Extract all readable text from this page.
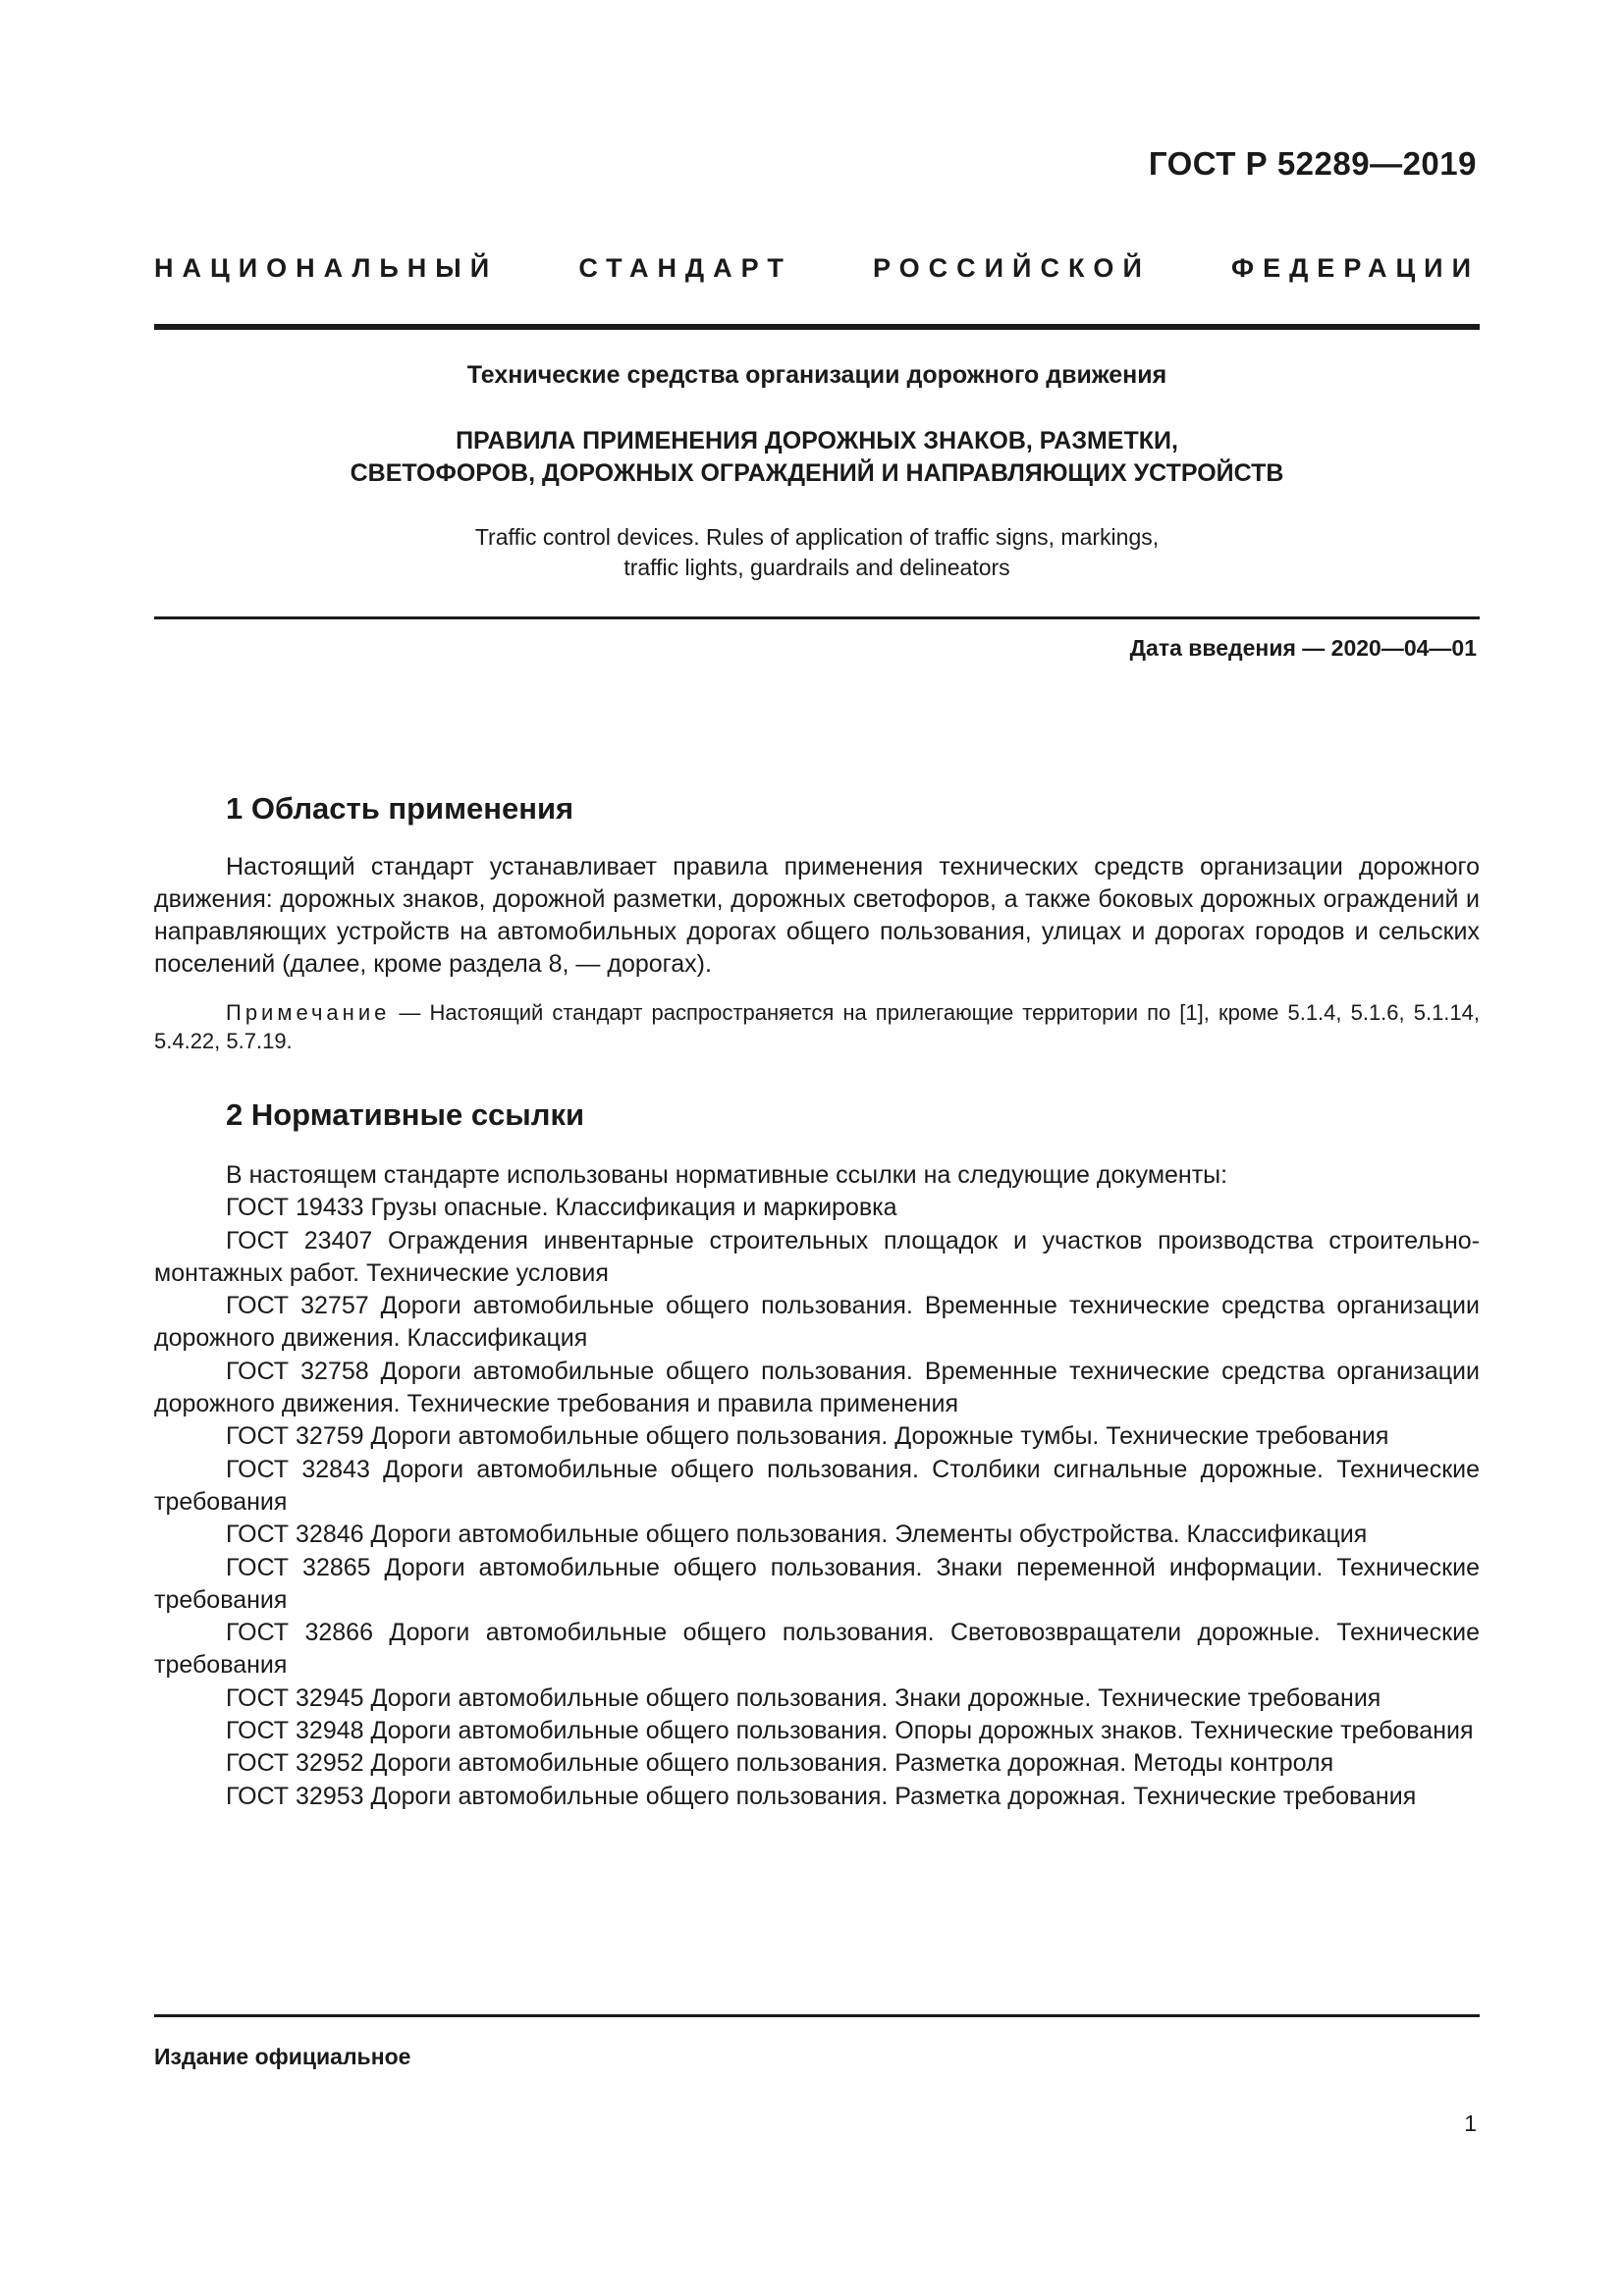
ГОСТ Р 52289—2019
НАЦИОНАЛЬНЫЙ СТАНДАРТ РОССИЙСКОЙ ФЕДЕРАЦИИ
Технические средства организации дорожного движения
ПРАВИЛА ПРИМЕНЕНИЯ ДОРОЖНЫХ ЗНАКОВ, РАЗМЕТКИ,
СВЕТОФОРОВ, ДОРОЖНЫХ ОГРАЖДЕНИЙ И НАПРАВЛЯЮЩИХ УСТРОЙСТВ
Traffic control devices. Rules of application of traffic signs, markings,
traffic lights, guardrails and delineators
Дата введения — 2020—04—01
1 Область применения
Настоящий стандарт устанавливает правила применения технических средств организации дорожного движения: дорожных знаков, дорожной разметки, дорожных светофоров, а также боковых дорожных ограждений и направляющих устройств на автомобильных дорогах общего пользования, улицах и дорогах городов и сельских поселений (далее, кроме раздела 8, — дорогах).
Примечание — Настоящий стандарт распространяется на прилегающие территории по [1], кроме 5.1.4, 5.1.6, 5.1.14, 5.4.22, 5.7.19.
2 Нормативные ссылки

В настоящем стандарте использованы нормативные ссылки на следующие документы:

ГОСТ 19433 Грузы опасные. Классификация и маркировка

ГОСТ 23407 Ограждения инвентарные строительных площадок и участков производства строительно-монтажных работ. Технические условия

ГОСТ 32757 Дороги автомобильные общего пользования. Временные технические средства организации дорожного движения. Классификация

ГОСТ 32758 Дороги автомобильные общего пользования. Временные технические средства организации дорожного движения. Технические требования и правила применения

ГОСТ 32759 Дороги автомобильные общего пользования. Дорожные тумбы. Технические требования

ГОСТ 32843 Дороги автомобильные общего пользования. Столбики сигнальные дорожные. Технические требования

ГОСТ 32846 Дороги автомобильные общего пользования. Элементы обустройства. Классификация

ГОСТ 32865 Дороги автомобильные общего пользования. Знаки переменной информации. Технические требования

ГОСТ 32866 Дороги автомобильные общего пользования. Световозвращатели дорожные. Технические требования

ГОСТ 32945 Дороги автомобильные общего пользования. Знаки дорожные. Технические требования

ГОСТ 32948 Дороги автомобильные общего пользования. Опоры дорожных знаков. Технические требования

ГОСТ 32952 Дороги автомобильные общего пользования. Разметка дорожная. Методы контроля

ГОСТ 32953 Дороги автомобильные общего пользования. Разметка дорожная. Технические требования

Издание официальное
1
